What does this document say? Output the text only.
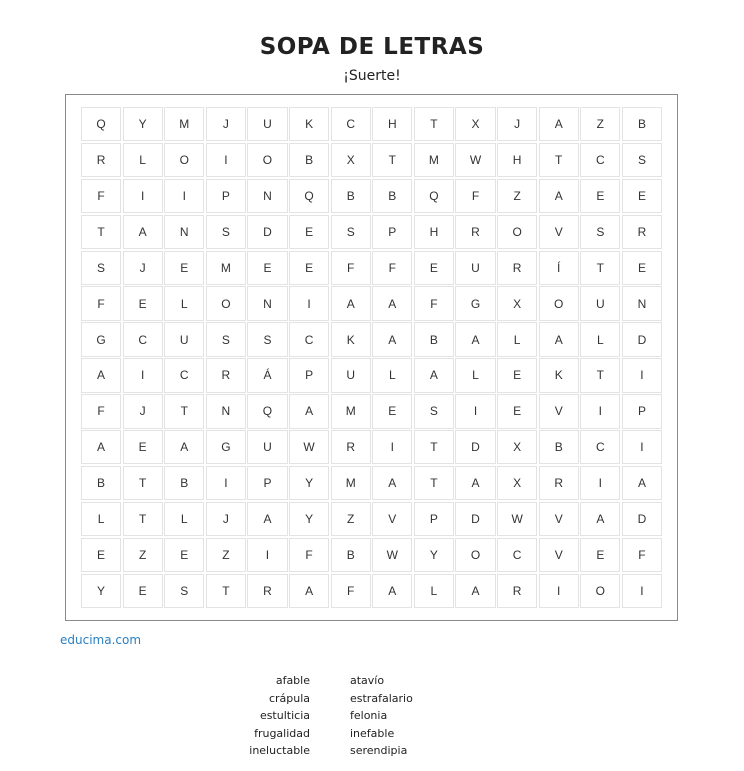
SOPA DE LETRAS
¡Suerte!
Q	Y	M	J	U	K	C	H	T	X	J	A	Z	B
R	L	O	I	O	B	X	T	M	W	H	T	C	S
F	I	I	P	N	Q	B	B	Q	F	Z	A	E	E
T	A	N	S	D	E	S	P	H	R	O	V	S	R
S	J	E	M	E	E	F	F	E	U	R	Í	T	E
F	E	L	O	N	I	A	A	F	G	X	O	U	N
G	C	U	S	S	C	K	A	B	A	L	A	L	D
A	I	C	R	Á	P	U	L	A	L	E	K	T	I
F	J	T	N	Q	A	M	E	S	I	E	V	I	P
A	E	A	G	U	W	R	I	T	D	X	B	C	I
B	T	B	I	P	Y	M	A	T	A	X	R	I	A
L	T	L	J	A	Y	Z	V	P	D	W	V	A	D
E	Z	E	Z	I	F	B	W	Y	O	C	V	E	F
Y	E	S	T	R	A	F	A	L	A	R	I	O	I
educima.com
afable
crápula
estulticia
frugalidad
ineluctable
atavío
estrafalario
felonia
inefable
serendipia
